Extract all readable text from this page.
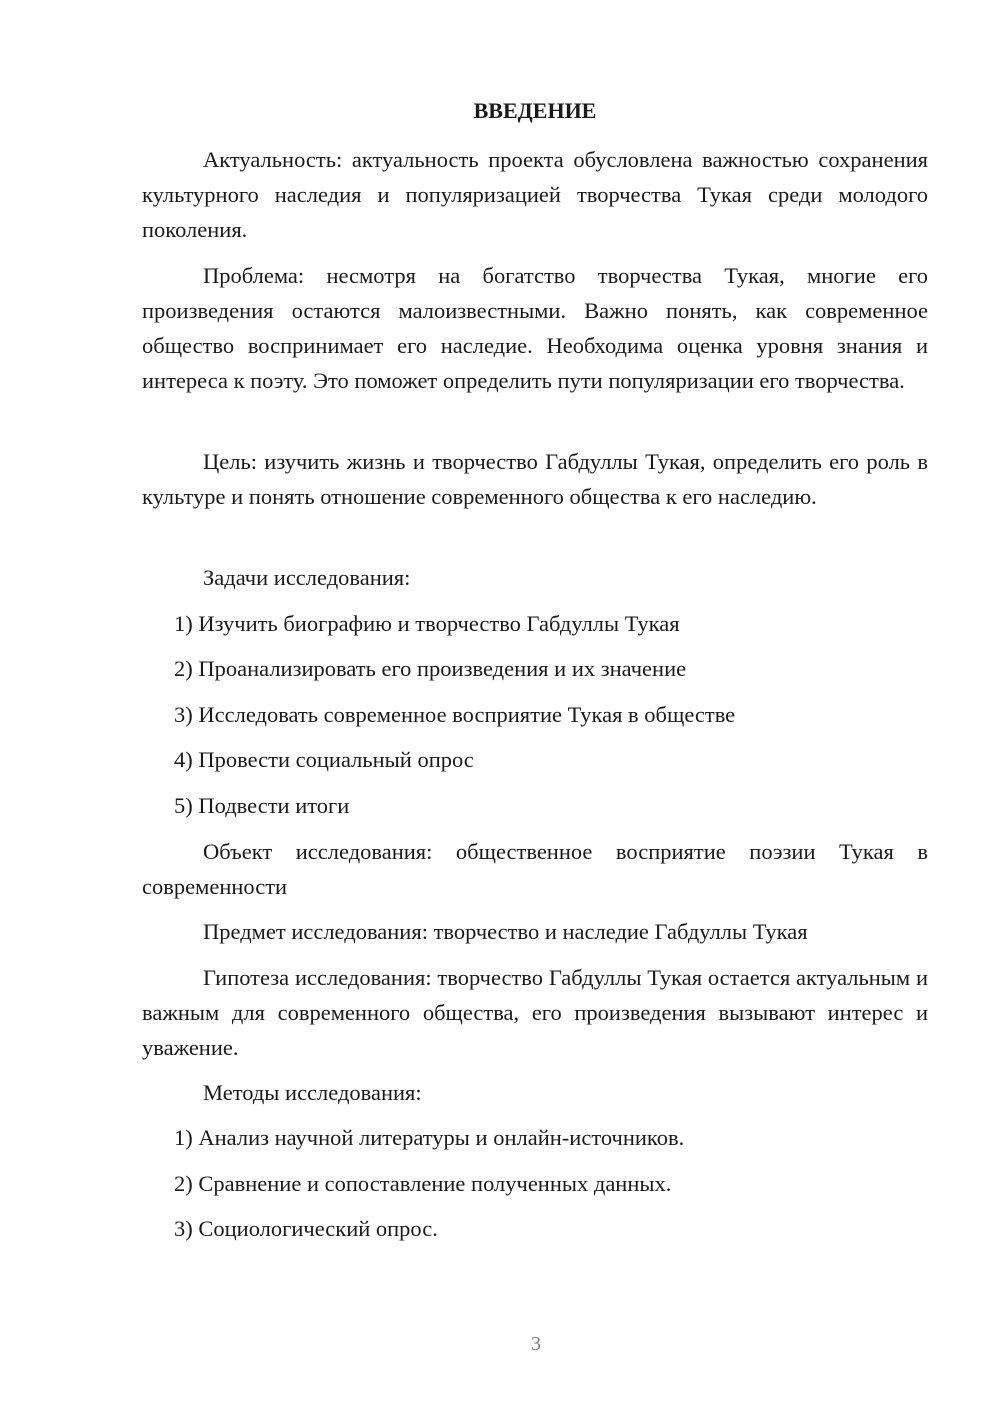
ВВЕДЕНИЕ

Актуальность: актуальность проекта обусловлена важностью сохранения культурного наследия и популяризацией творчества Тукая среди молодого поколения.

Проблема: несмотря на богатство творчества Тукая, многие его произведения остаются малоизвестными. Важно понять, как современное общество воспринимает его наследие. Необходима оценка уровня знания и интереса к поэту. Это поможет определить пути популяризации его творчества.

Цель: изучить жизнь и творчество Габдуллы Тукая, определить его роль в культуре и понять отношение современного общества к его наследию.

Задачи исследования:
1) Изучить биографию и творчество Габдуллы Тукая
2) Проанализировать его произведения и их значение
3) Исследовать современное восприятие Тукая в обществе
4) Провести социальный опрос
5) Подвести итоги

Объект исследования: общественное восприятие поэзии Тукая в современности

Предмет исследования: творчество и наследие Габдуллы Тукая

Гипотеза исследования: творчество Габдуллы Тукая остается актуальным и важным для современного общества, его произведения вызывают интерес и уважение.

Методы исследования:
1) Анализ научной литературы и онлайн-источников.
2) Сравнение и сопоставление полученных данных.
3) Социологический опрос.
3
